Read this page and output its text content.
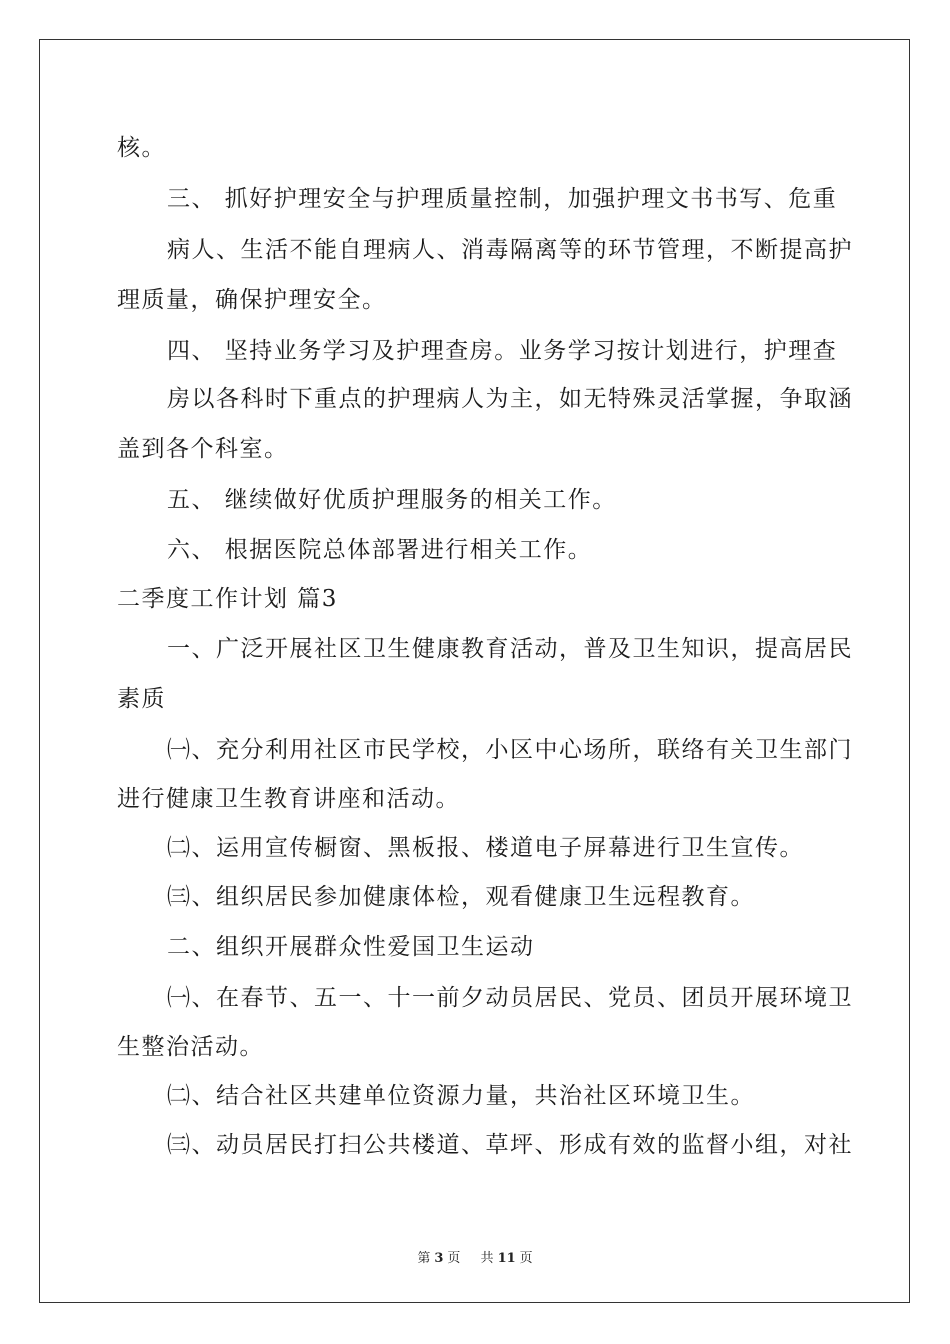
核。
三、 抓好护理安全与护理质量控制，加强护理文书书写、危重
病人、生活不能自理病人、消毒隔离等的环节管理，不断提高护
理质量，确保护理安全。
四、 坚持业务学习及护理查房。业务学习按计划进行，护理查
房以各科时下重点的护理病人为主，如无特殊灵活掌握，争取涵
盖到各个科室。
五、 继续做好优质护理服务的相关工作。
六、 根据医院总体部署进行相关工作。
二季度工作计划 篇3
一、广泛开展社区卫生健康教育活动，普及卫生知识，提高居民
素质
㈠、充分利用社区市民学校，小区中心场所，联络有关卫生部门
进行健康卫生教育讲座和活动。
㈡、运用宣传橱窗、黑板报、楼道电子屏幕进行卫生宣传。
㈢、组织居民参加健康体检，观看健康卫生远程教育。
二、组织开展群众性爱国卫生运动
㈠、在春节、五一、十一前夕动员居民、党员、团员开展环境卫
生整治活动。
㈡、结合社区共建单位资源力量，共治社区环境卫生。
㈢、动员居民打扫公共楼道、草坪、形成有效的监督小组，对社
第 3 页 共 11 页
